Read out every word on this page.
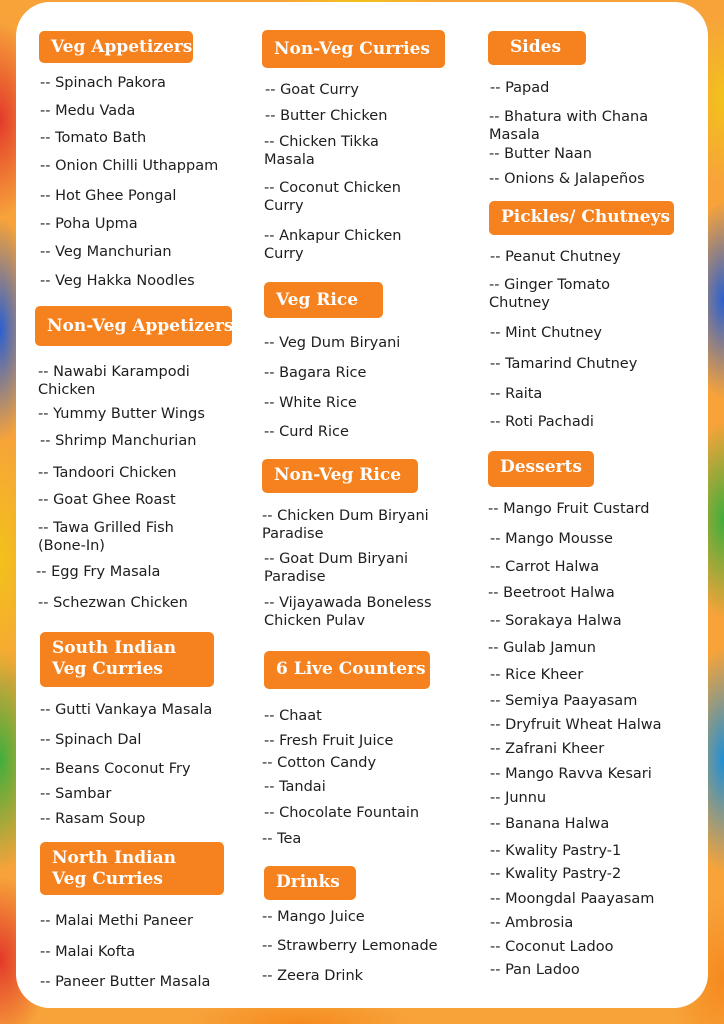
Veg Appetizers
-- Spinach Pakora
-- Medu Vada
-- Tomato Bath
-- Onion Chilli Uthappam
-- Hot Ghee Pongal
-- Poha Upma
-- Veg Manchurian
-- Veg Hakka Noodles
Non-Veg Appetizers
-- Nawabi Karampodi Chicken
-- Yummy Butter Wings
-- Shrimp Manchurian
-- Tandoori Chicken
-- Goat Ghee Roast
-- Tawa Grilled Fish (Bone-In)
-- Egg Fry Masala
-- Schezwan Chicken
South Indian Veg Curries
-- Gutti Vankaya Masala
-- Spinach Dal
-- Beans Coconut Fry
-- Sambar
-- Rasam Soup
North Indian Veg Curries
-- Malai Methi Paneer
-- Malai Kofta
-- Paneer Butter Masala
Non-Veg Curries
-- Goat Curry
-- Butter Chicken
-- Chicken Tikka Masala
-- Coconut Chicken Curry
-- Ankapur Chicken Curry
Veg Rice
-- Veg Dum Biryani
-- Bagara Rice
-- White Rice
-- Curd Rice
Non-Veg Rice
-- Chicken Dum Biryani Paradise
-- Goat Dum Biryani Paradise
-- Vijayawada Boneless Chicken Pulav
6 Live Counters
-- Chaat
-- Fresh Fruit Juice
-- Cotton Candy
-- Tandai
-- Chocolate Fountain
-- Tea
Drinks
-- Mango Juice
-- Strawberry Lemonade
-- Zeera Drink
Sides
-- Papad
-- Bhatura with Chana Masala
-- Butter Naan
-- Onions & Jalapeños
Pickles/ Chutneys
-- Peanut Chutney
-- Ginger Tomato Chutney
-- Mint Chutney
-- Tamarind Chutney
-- Raita
-- Roti Pachadi
Desserts
-- Mango Fruit Custard
-- Mango Mousse
-- Carrot Halwa
-- Beetroot Halwa
-- Sorakaya Halwa
-- Gulab Jamun
-- Rice Kheer
-- Semiya Paayasam
-- Dryfruit Wheat Halwa
-- Zafrani Kheer
-- Mango Ravva Kesari
-- Junnu
-- Banana Halwa
-- Kwality Pastry-1
-- Kwality Pastry-2
-- Moongdal Paayasam
-- Ambrosia
-- Coconut Ladoo
-- Pan Ladoo
